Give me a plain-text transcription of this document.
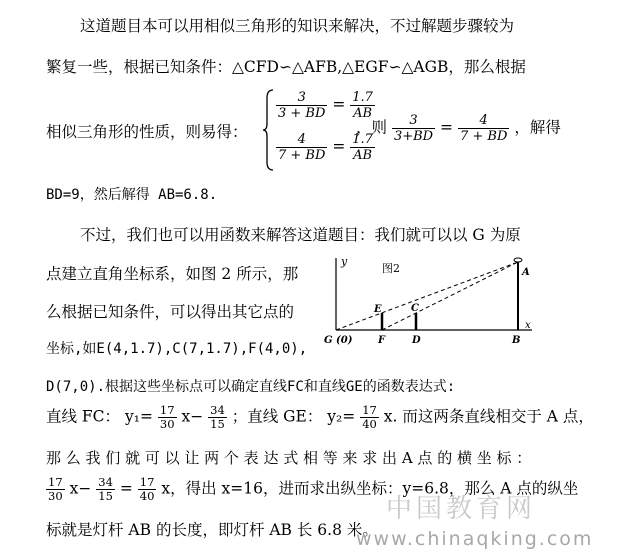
这道题目本可以用相似三角形的知识来解决，不过解题步骤较为
繁复一些，根据已知条件：△CFD∽△AFB,△EGF∽△AGB，那么根据
相似三角形的性质，则易得：
$\frac{3}{3 + BD} = \frac{1.7}{AB}$
$\frac{4}{7 + BD} = \frac{1.7}{AB}$
，则 $\frac{3}{3+BD} = \frac{4}{7 + BD}$ ，解得
BD=9，然后解得 AB=6.8.
不过，我们也可以用函数来解答这道题目：我们就可以以 G 为原
点建立直角坐标系，如图 2 所示，那
么根据已知条件，可以得出其它点的
坐标,如E(4,1.7),C(7,1.7),F(4,0),
D(7,0).根据这些坐标点可以确定直线FC和直线GE的函数表达式:
直线 FC： $y_1= \frac{17}{30} x- \frac{34}{15}$ ；直线 GE： $y_2= \frac{17}{40} x$. 而这两条直线相交于 A 点，
那 么 我 们 就 可 以 让 两 个 表 达 式 相 等 来 求 出 A 点 的 横 坐 标 ：
$\frac{17}{30} x- \frac{34}{15} = \frac{17}{40}$ x，得出 x=16，进而求出纵坐标：y=6.8，那么 A 点的纵坐
标就是灯杆 AB 的长度，即灯杆 AB 长 6.8 米。
y
图2	A
E	C
x
G (0)	F	D	B
中国教育网
www.chinaqking.com
